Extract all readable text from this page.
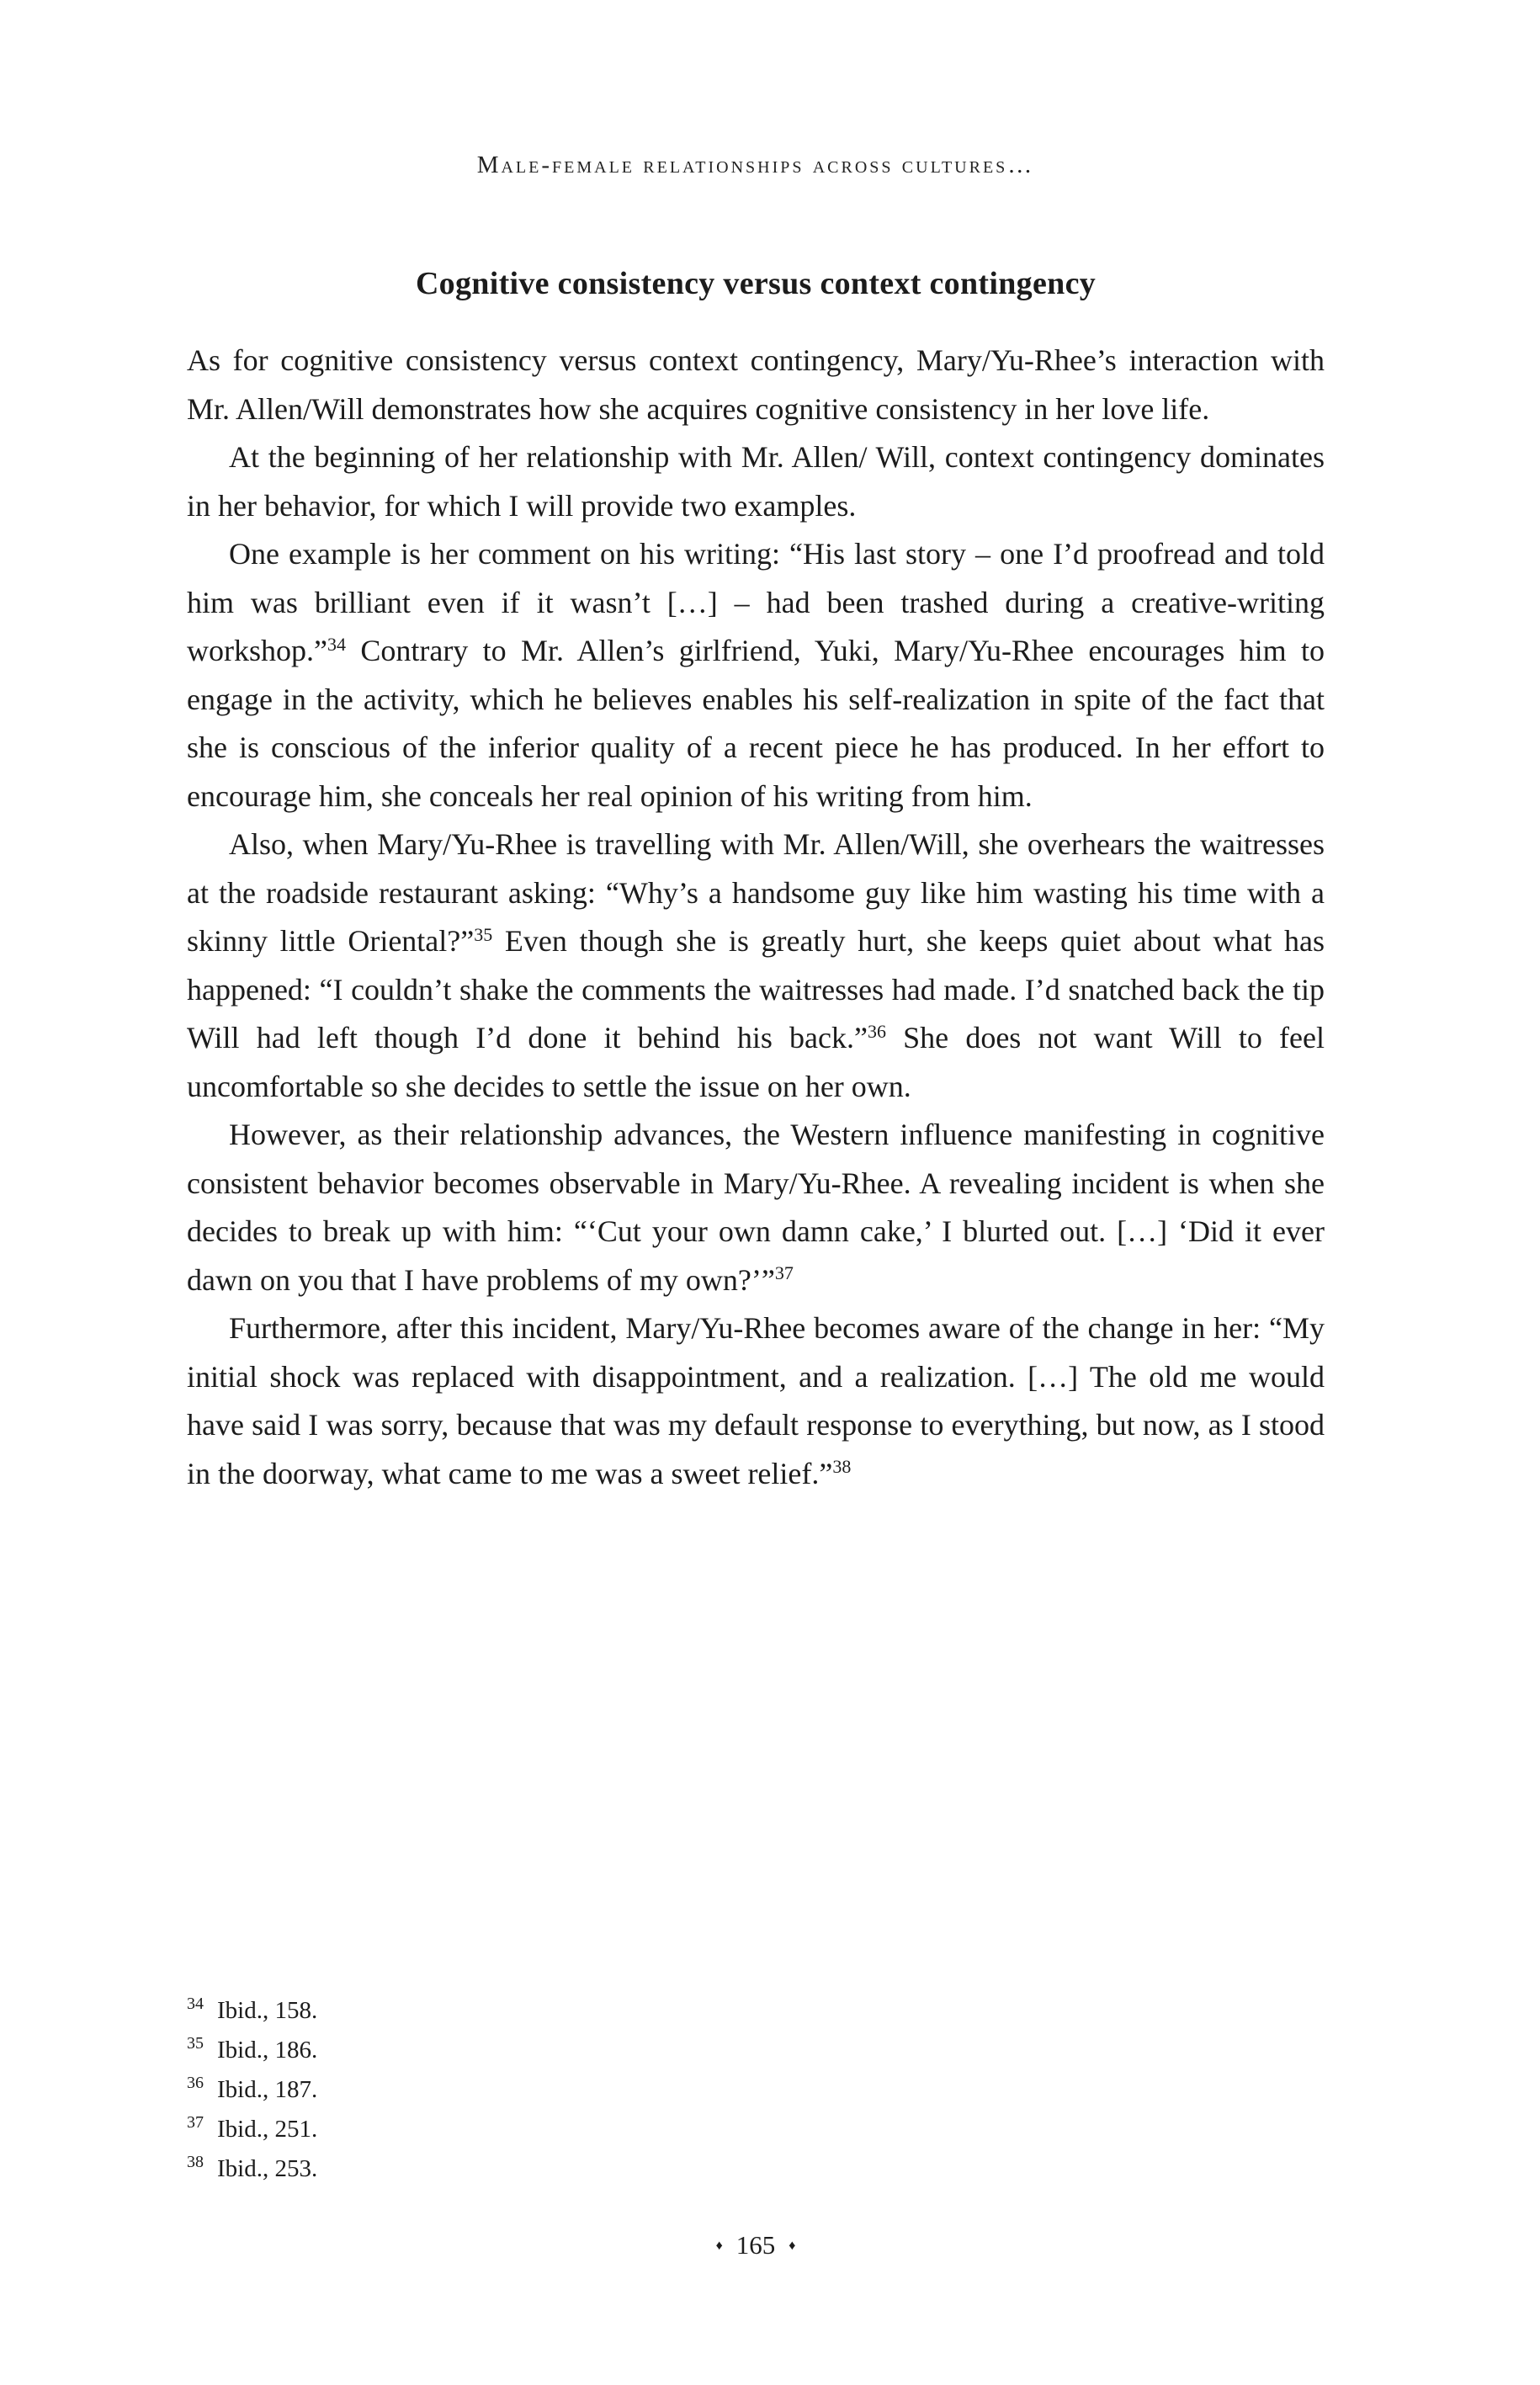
Male-female relationships across cultures…
Cognitive consistency versus context contingency

As for cognitive consistency versus context contingency, Mary/Yu-Rhee’s interaction with Mr. Allen/Will demonstrates how she acquires cognitive consistency in her love life.

At the beginning of her relationship with Mr. Allen/ Will, context contingency dominates in her behavior, for which I will provide two examples.

One example is her comment on his writing: “His last story – one I’d proofread and told him was brilliant even if it wasn’t […] – had been trashed during a creative-writing workshop.”$^{34}$ Contrary to Mr. Allen’s girlfriend, Yuki, Mary/Yu-Rhee encourages him to engage in the activity, which he believes enables his self-realization in spite of the fact that she is conscious of the inferior quality of a recent piece he has produced. In her effort to encourage him, she conceals her real opinion of his writing from him.

Also, when Mary/Yu-Rhee is travelling with Mr. Allen/Will, she overhears the waitresses at the roadside restaurant asking: “Why’s a handsome guy like him wasting his time with a skinny little Oriental?”$^{35}$ Even though she is greatly hurt, she keeps quiet about what has happened: “I couldn’t shake the comments the waitresses had made. I’d snatched back the tip Will had left though I’d done it behind his back.”$^{36}$ She does not want Will to feel uncomfortable so she decides to settle the issue on her own.

However, as their relationship advances, the Western influence manifesting in cognitive consistent behavior becomes observable in Mary/Yu-Rhee. A revealing incident is when she decides to break up with him: “‘Cut your own damn cake,’ I blurted out. […] ‘Did it ever dawn on you that I have problems of my own?’”$^{37}$

Furthermore, after this incident, Mary/Yu-Rhee becomes aware of the change in her: “My initial shock was replaced with disappointment, and a realization. […] The old me would have said I was sorry, because that was my default response to everything, but now, as I stood in the doorway, what came to me was a sweet relief.”$^{38}$

34 Ibid., 158.
35 Ibid., 186.
36 Ibid., 187.
37 Ibid., 251.
38 Ibid., 253.
♦ 165 ♦
